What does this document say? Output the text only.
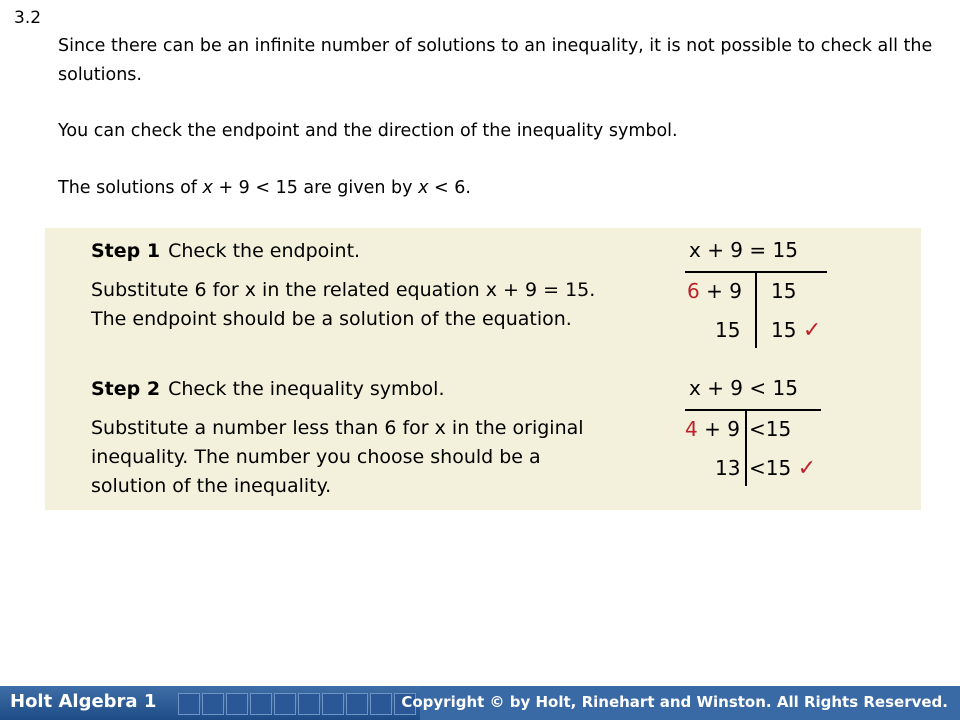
3.2

Since there can be an infinite number of solutions to an inequality, it is not possible to check all the solutions.

You can check the endpoint and the direction of the inequality symbol.

The solutions of x + 9 < 15 are given by x < 6.

Step 1 Check the endpoint.
Substitute 6 for x in the related equation x + 9 = 15.
The endpoint should be a solution of the equation.
x + 9 = 15
6 + 9 15
15 15 ✓
Step 2 Check the inequality symbol.
Substitute a number less than 6 for x in the original
inequality. The number you choose should be a
solution of the inequality.
x + 9 < 15
4 + 9 <15
13 <15 ✓
Holt Algebra 1	Copyright © by Holt, Rinehart and Winston. All Rights Reserved.
